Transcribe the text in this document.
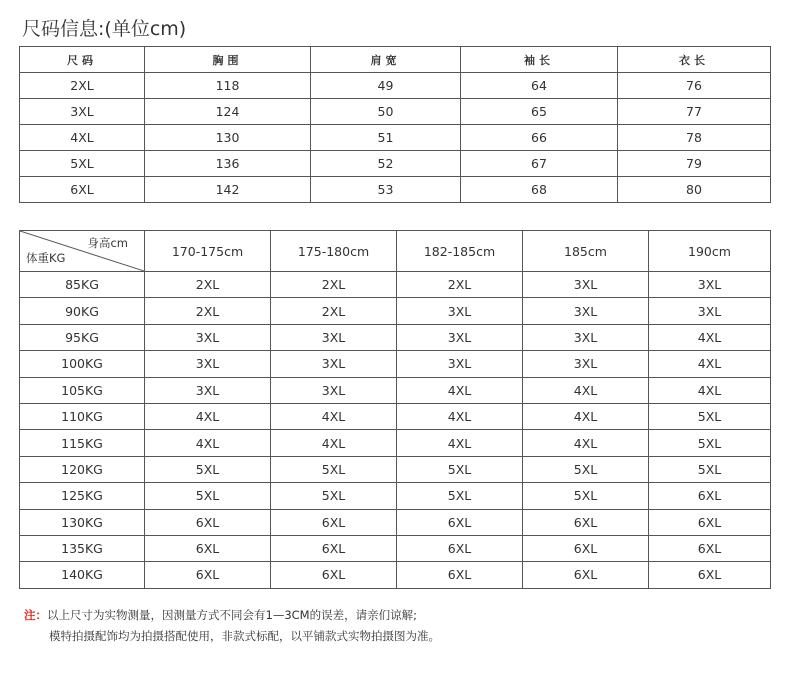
尺码信息:(单位cm)
尺码	胸围	肩宽	袖长	衣长
2XL	118	49	64	76
3XL	124	50	65	77
4XL	130	51	66	78
5XL	136	52	67	79
6XL	142	53	68	80
身高cm
体重KG	170-175cm	175-180cm	182-185cm	185cm	190cm
85KG	2XL	2XL	2XL	3XL	3XL
90KG	2XL	2XL	3XL	3XL	3XL
95KG	3XL	3XL	3XL	3XL	4XL
100KG	3XL	3XL	3XL	3XL	4XL
105KG	3XL	3XL	4XL	4XL	4XL
110KG	4XL	4XL	4XL	4XL	5XL
115KG	4XL	4XL	4XL	4XL	5XL
120KG	5XL	5XL	5XL	5XL	5XL
125KG	5XL	5XL	5XL	5XL	6XL
130KG	6XL	6XL	6XL	6XL	6XL
135KG	6XL	6XL	6XL	6XL	6XL
140KG	6XL	6XL	6XL	6XL	6XL
注：以上尺寸为实物测量，因测量方式不同会有1—3CM的误差，请亲们谅解;
模特拍摄配饰均为拍摄搭配使用，非款式标配，以平铺款式实物拍摄图为准。
